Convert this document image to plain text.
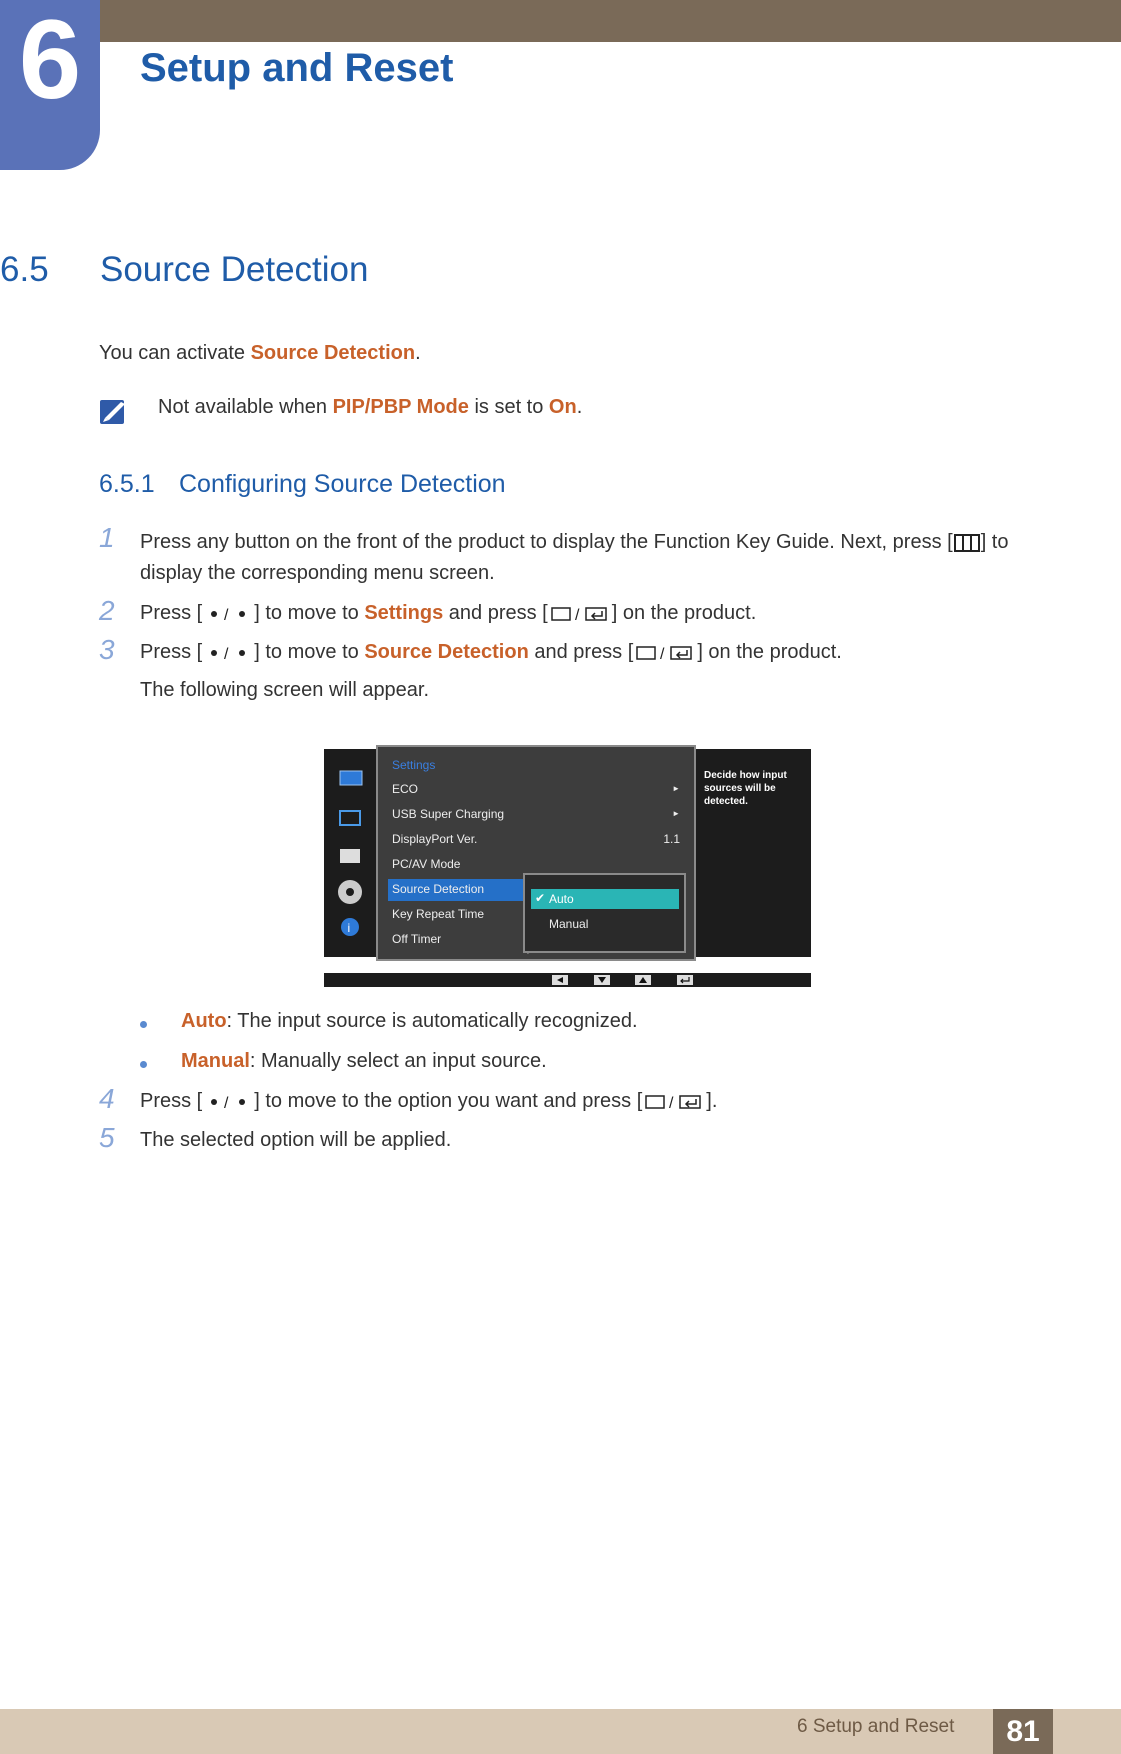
6	Setup and Reset
6.5 Source Detection
You can activate Source Detection.
Not available when PIP/PBP Mode is set to On.
6.5.1 Configuring Source Detection
1 Press any button on the front of the product to display the Function Key Guide. Next, press [ ] to
display the corresponding menu screen.
2 Press [ / ] to move to Settings and press [ / ] on the product.
3 Press [ / ] to move to Source Detection and press [ / ] on the product.
The following screen will appear.
i
Settings
ECO	►
USB Super Charging	►
DisplayPort Ver.	1.1
PC/AV Mode
Source Detection
Key Repeat Time
Off Timer
✔ Auto
Manual
Decide how input sources will be detected.
Auto: The input source is automatically recognized.
Manual: Manually select an input source.
4 Press [ / ] to move to the option you want and press [ / ].
5 The selected option will be applied.
6 Setup and Reset	81
